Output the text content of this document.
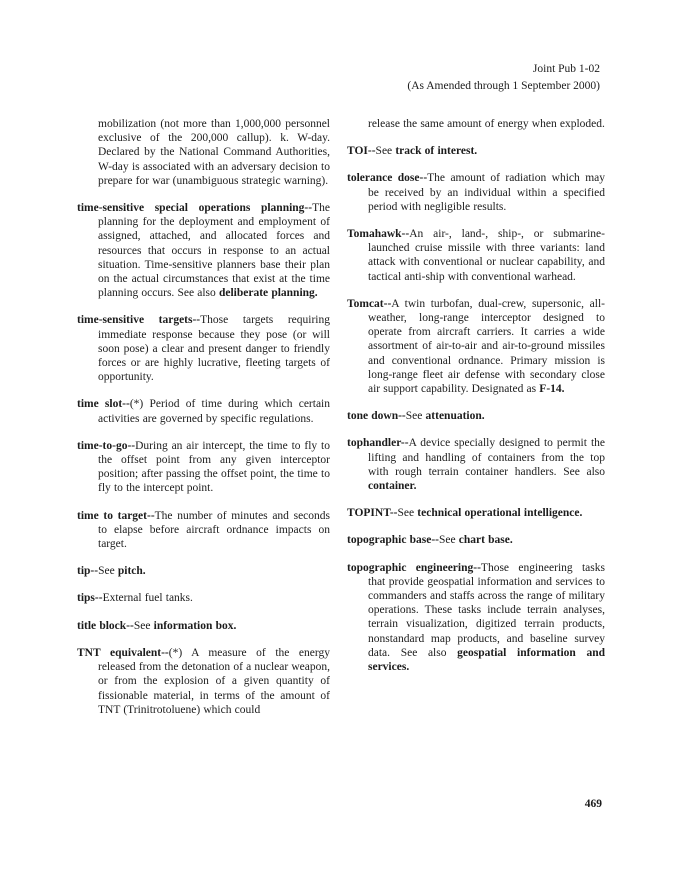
Joint Pub 1-02
(As Amended through 1 September 2000)

mobilization (not more than 1,000,000 personnel exclusive of the 200,000 callup). k. W-day. Declared by the National Command Authorities, W-day is associated with an adversary decision to prepare for war (unambiguous strategic warning).

time-sensitive special operations planning--The planning for the deployment and employment of assigned, attached, and allocated forces and resources that occurs in response to an actual situation. Time-sensitive planners base their plan on the actual circumstances that exist at the time planning occurs. See also deliberate planning.

time-sensitive targets--Those targets requiring immediate response because they pose (or will soon pose) a clear and present danger to friendly forces or are highly lucrative, fleeting targets of opportunity.

time slot--(*) Period of time during which certain activities are governed by specific regulations.

time-to-go--During an air intercept, the time to fly to the offset point from any given interceptor position; after passing the offset point, the time to fly to the intercept point.

time to target--The number of minutes and seconds to elapse before aircraft ordnance impacts on target.

tip--See pitch.

tips--External fuel tanks.

title block--See information box.

TNT equivalent--(*) A measure of the energy released from the detonation of a nuclear weapon, or from the explosion of a given quantity of fissionable material, in terms of the amount of TNT (Trinitrotoluene) which could

release the same amount of energy when exploded.

TOI--See track of interest.

tolerance dose--The amount of radiation which may be received by an individual within a specified period with negligible results.

Tomahawk--An air-, land-, ship-, or submarine-launched cruise missile with three variants: land attack with conventional or nuclear capability, and tactical anti-ship with conventional warhead.

Tomcat--A twin turbofan, dual-crew, supersonic, all-weather, long-range interceptor designed to operate from aircraft carriers. It carries a wide assortment of air-to-air and air-to-ground missiles and conventional ordnance. Primary mission is long-range fleet air defense with secondary close air support capability. Designated as F-14.

tone down--See attenuation.

tophandler--A device specially designed to permit the lifting and handling of containers from the top with rough terrain container handlers. See also container.

TOPINT--See technical operational intelligence.

topographic base--See chart base.

topographic engineering--Those engineering tasks that provide geospatial information and services to commanders and staffs across the range of military operations. These tasks include terrain analyses, terrain visualization, digitized terrain products, nonstandard map products, and baseline survey data. See also geospatial information and services.

469
